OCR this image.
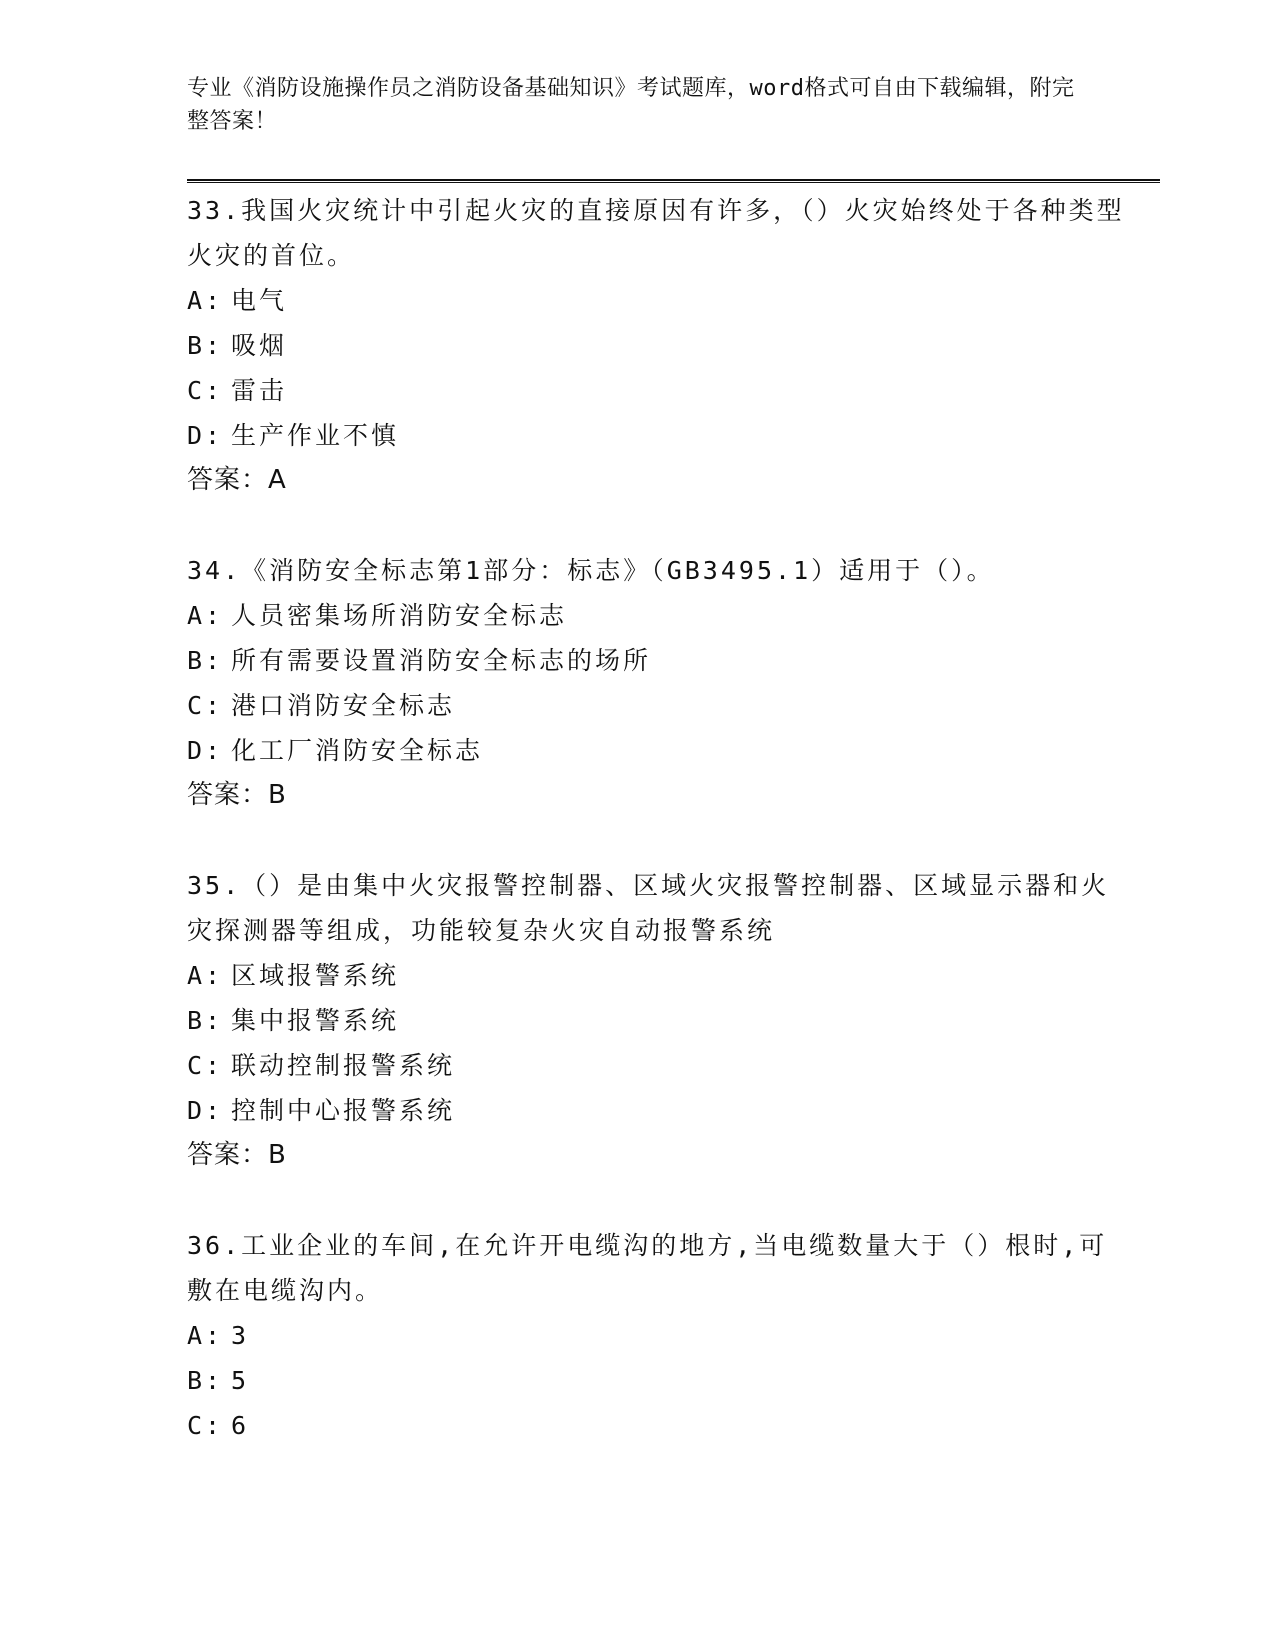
专业《消防设施操作员之消防设备基础知识》考试题库，word格式可自由下载编辑，附完整答案！

33.我国火灾统计中引起火灾的直接原因有许多，（）火灾始终处于各种类型火灾的首位。

A: 电气

B: 吸烟

C: 雷击

D: 生产作业不慎

答案：A

34.《消防安全标志第1部分：标志》（GB3495.1）适用于（）。

A: 人员密集场所消防安全标志

B: 所有需要设置消防安全标志的场所

C: 港口消防安全标志

D: 化工厂消防安全标志

答案：B

35.（）是由集中火灾报警控制器、区域火灾报警控制器、区域显示器和火灾探测器等组成，功能较复杂火灾自动报警系统

A: 区域报警系统

B: 集中报警系统

C: 联动控制报警系统

D: 控制中心报警系统

答案：B

36.工业企业的车间,在允许开电缆沟的地方,当电缆数量大于（）根时,可敷在电缆沟内。

A: 3

B: 5

C: 6
